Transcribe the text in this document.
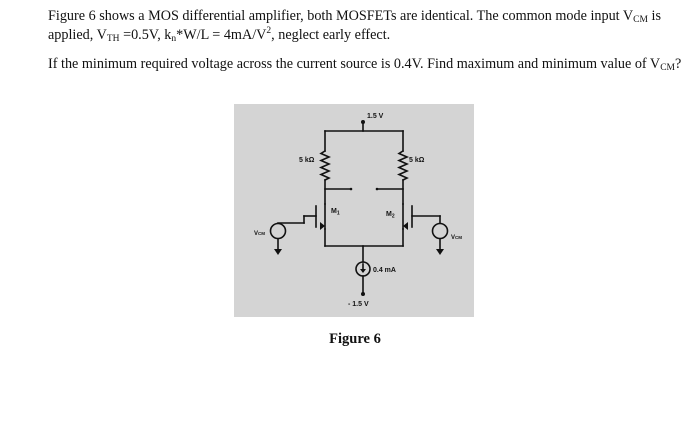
Figure 6 shows a MOS differential amplifier, both MOSFETs are identical. The common mode input $V_{CM}$ is applied, $V_{TH} =0.5V$, $k_n*W/L = 4mA/V^2$, neglect early effect.

If the minimum required voltage across the current source is 0.4V. Find maximum and minimum value of $V_{CM}$?

1.5 V
5 kΩ	5 kΩ
$M_1$	$M_2$
VCM
VCM
0.4 mA
- 1.5 V
Figure 6
